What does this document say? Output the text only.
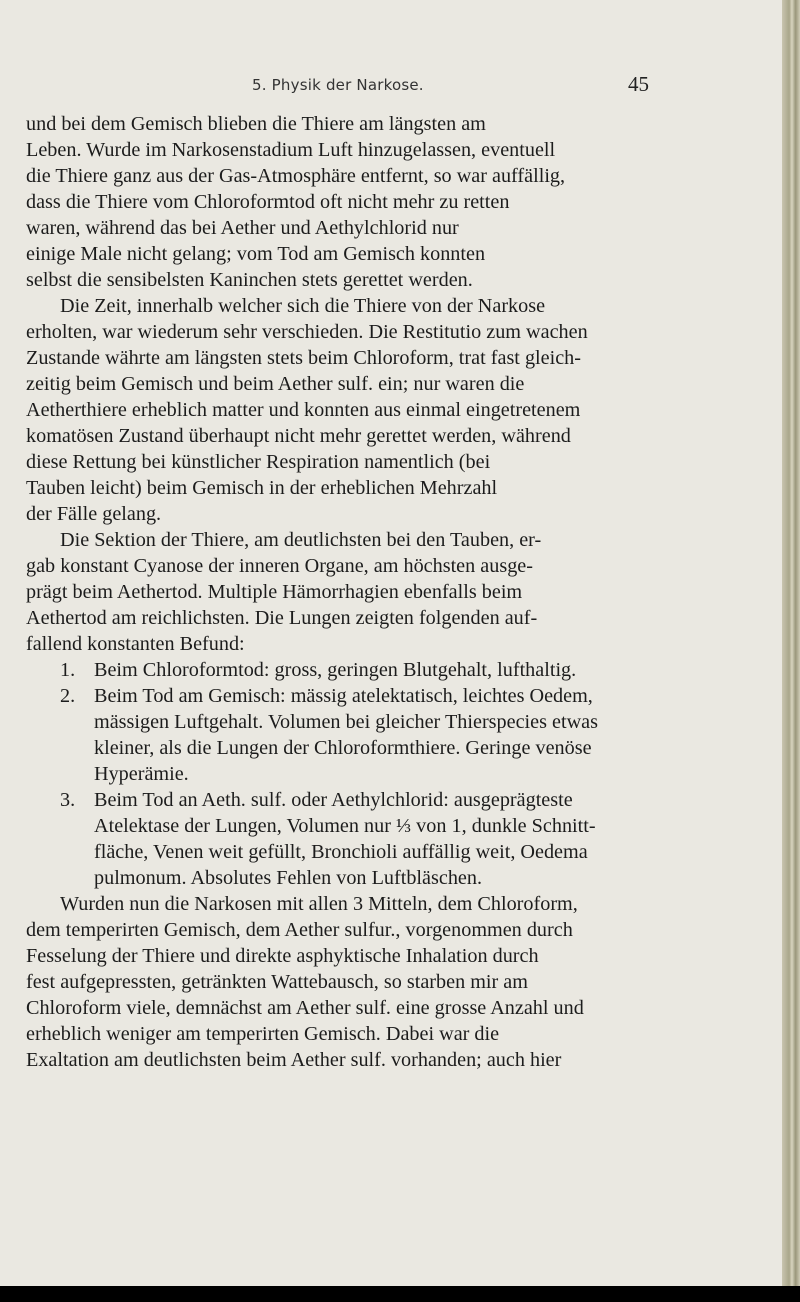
5. Physik der Narkose.	45
und bei dem Gemisch blieben die Thiere am längsten am
Leben. Wurde im Narkosenstadium Luft hinzugelassen, eventuell
die Thiere ganz aus der Gas-Atmosphäre entfernt, so war auffällig,
dass die Thiere vom Chloroformtod oft nicht mehr zu retten
waren, während das bei Aether und Aethylchlorid nur
einige Male nicht gelang; vom Tod am Gemisch konnten
selbst die sensibelsten Kaninchen stets gerettet werden.
Die Zeit, innerhalb welcher sich die Thiere von der Narkose
erholten, war wiederum sehr verschieden. Die Restitutio zum wachen
Zustande währte am längsten stets beim Chloroform, trat fast gleich-
zeitig beim Gemisch und beim Aether sulf. ein; nur waren die
Aetherthiere erheblich matter und konnten aus einmal eingetretenem
komatösen Zustand überhaupt nicht mehr gerettet werden, während
diese Rettung bei künstlicher Respiration namentlich (bei
Tauben leicht) beim Gemisch in der erheblichen Mehrzahl
der Fälle gelang.
Die Sektion der Thiere, am deutlichsten bei den Tauben, er-
gab konstant Cyanose der inneren Organe, am höchsten ausge-
prägt beim Aethertod. Multiple Hämorrhagien ebenfalls beim
Aethertod am reichlichsten. Die Lungen zeigten folgenden auf-
fallend konstanten Befund:
1. Beim Chloroformtod: gross, geringen Blutgehalt, lufthaltig.
2. Beim Tod am Gemisch: mässig atelektatisch, leichtes Oedem,
mässigen Luftgehalt. Volumen bei gleicher Thierspecies etwas
kleiner, als die Lungen der Chloroformthiere. Geringe venöse
Hyperämie.
3. Beim Tod an Aeth. sulf. oder Aethylchlorid: ausgeprägteste
Atelektase der Lungen, Volumen nur ⅓ von 1, dunkle Schnitt-
fläche, Venen weit gefüllt, Bronchioli auffällig weit, Oedema
pulmonum. Absolutes Fehlen von Luftbläschen.
Wurden nun die Narkosen mit allen 3 Mitteln, dem Chloroform,
dem temperirten Gemisch, dem Aether sulfur., vorgenommen durch
Fesselung der Thiere und direkte asphyktische Inhalation durch
fest aufgepressten, getränkten Wattebausch, so starben mir am
Chloroform viele, demnächst am Aether sulf. eine grosse Anzahl und
erheblich weniger am temperirten Gemisch. Dabei war die
Exaltation am deutlichsten beim Aether sulf. vorhanden; auch hier
